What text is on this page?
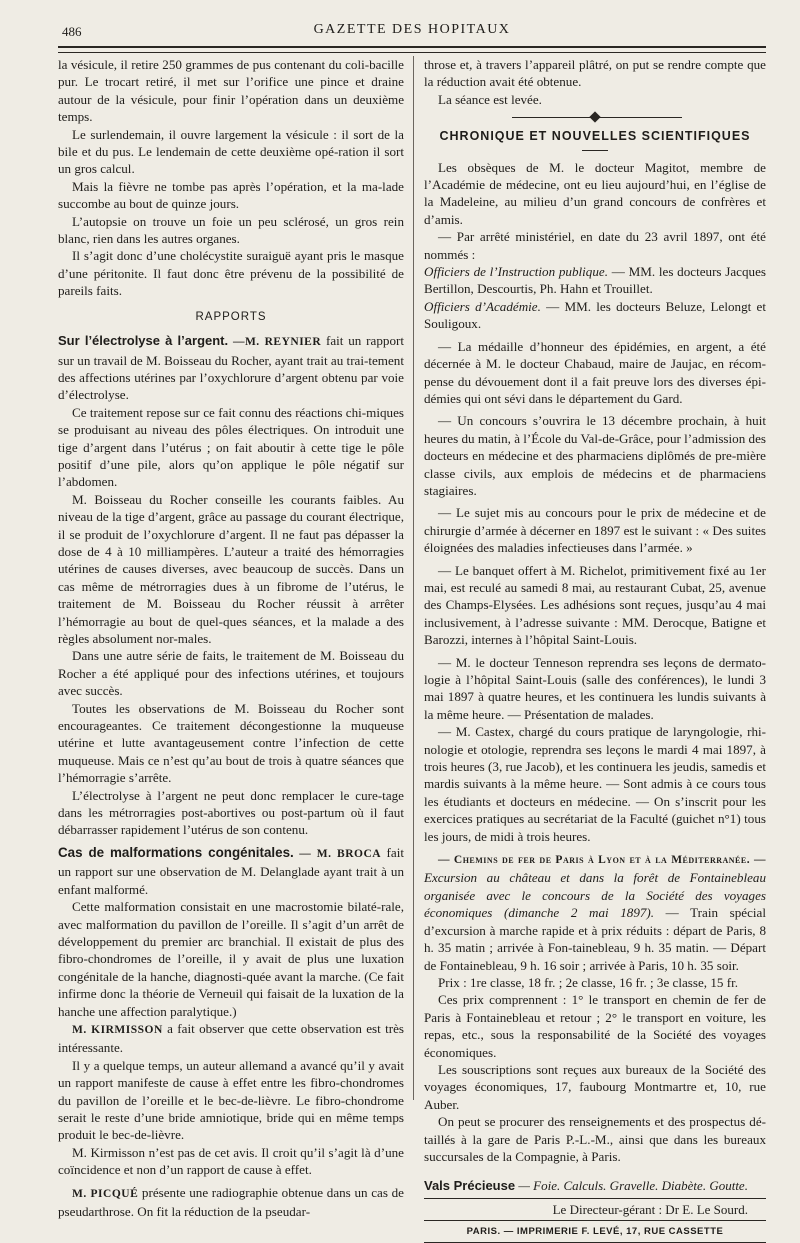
486	GAZETTE DES HOPITAUX

la vésicule, il retire 250 grammes de pus contenant du coli-bacille pur. Le trocart retiré, il met sur l’orifice une pince et draine autour de la vésicule, pour finir l’opération dans un deuxième temps.

Le surlendemain, il ouvre largement la vésicule : il sort de la bile et du pus. Le lendemain de cette deuxième opé-ration il sort un gros calcul.

Mais la fièvre ne tombe pas après l’opération, et la ma-lade succombe au bout de quinze jours.

L’autopsie on trouve un foie un peu sclérosé, un gros rein blanc, rien dans les autres organes.

Il s’agit donc d’une cholécystite suraiguë ayant pris le masque d’une péritonite. Il faut donc être prévenu de la possibilité de pareils faits.

RAPPORTS

Sur l’électrolyse à l’argent. —M. REYNIER fait un rapport sur un travail de M. Boisseau du Rocher, ayant trait au trai-tement des affections utérines par l’oxychlorure d’argent obtenu par voie d’électrolyse.

Ce traitement repose sur ce fait connu des réactions chi-miques se produisant au niveau des pôles électriques. On introduit une tige d’argent dans l’utérus ; on fait aboutir à cette tige le pôle positif d’une pile, alors qu’on applique le pôle négatif sur l’abdomen.

M. Boisseau du Rocher conseille les courants faibles. Au niveau de la tige d’argent, grâce au passage du courant électrique, il se produit de l’oxychlorure d’argent. Il ne faut pas dépasser la dose de 4 à 10 milliampères. L’auteur a traité des hémorragies utérines de causes diverses, avec beaucoup de succès. Dans un cas même de métrorragies dues à un fibrome de l’utérus, le traitement de M. Boisseau du Rocher réussit à arrêter l’hémorragie au bout de quel-ques séances, et la malade a des règles absolument nor-males.

Dans une autre série de faits, le traitement de M. Boisseau du Rocher a été appliqué pour des infections utérines, et toujours avec succès.

Toutes les observations de M. Boisseau du Rocher sont encourageantes. Ce traitement décongestionne la muqueuse utérine et lutte avantageusement contre l’infection de cette muqueuse. Mais ce n’est qu’au bout de trois à quatre séances que l’hémorragie s’arrête.

L’électrolyse à l’argent ne peut donc remplacer le cure-tage dans les métrorragies post-abortives ou post-partum où il faut débarrasser rapidement l’utérus de son contenu.

Cas de malformations congénitales. — M. BROCA fait un rapport sur une observation de M. Delanglade ayant trait à un enfant malformé.

Cette malformation consistait en une macrostomie bilaté-rale, avec malformation du pavillon de l’oreille. Il s’agit d’un arrêt de développement du premier arc branchial. Il existait de plus des fibro-chondromes de l’oreille, il y avait de plus une luxation congénitale de la hanche, diagnosti-quée avant la marche. (Ce fait infirme donc la théorie de Verneuil qui faisait de la luxation de la hanche une affection paralytique.)

M. KIRMISSON a fait observer que cette observation est très intéressante.

Il y a quelque temps, un auteur allemand a avancé qu’il y avait un rapport manifeste de cause à effet entre les fibro-chondromes du pavillon de l’oreille et le bec-de-lièvre. Le fibro-chondrome serait le reste d’une bride amniotique, bride qui en même temps produit le bec-de-lièvre.

M. Kirmisson n’est pas de cet avis. Il croit qu’il s’agit là d’une coïncidence et non d’un rapport de cause à effet.

M. PICQUÉ présente une radiographie obtenue dans un cas de pseudarthrose. On fit la réduction de la pseudar-

throse et, à travers l’appareil plâtré, on put se rendre compte que la réduction avait été obtenue.

La séance est levée.

CHRONIQUE ET NOUVELLES SCIENTIFIQUES

Les obsèques de M. le docteur Magitot, membre de l’Académie de médecine, ont eu lieu aujourd’hui, en l’église de la Madeleine, au milieu d’un grand concours de confrères et d’amis.

— Par arrêté ministériel, en date du 23 avril 1897, ont été nommés :

Officiers de l’Instruction publique. — MM. les docteurs Jacques Bertillon, Descourtis, Ph. Hahn et Trouillet.

Officiers d’Académie. — MM. les docteurs Beluze, Lelongt et Souligoux.

— La médaille d’honneur des épidémies, en argent, a été décernée à M. le docteur Chabaud, maire de Jaujac, en récom-pense du dévouement dont il a fait preuve lors des diverses épi-démies qui ont sévi dans le département du Gard.

— Un concours s’ouvrira le 13 décembre prochain, à huit heures du matin, à l’École du Val-de-Grâce, pour l’admission des docteurs en médecine et des pharmaciens diplômés de pre-mière classe civils, aux emplois de médecins et de pharmaciens stagiaires.

— Le sujet mis au concours pour le prix de médecine et de chirurgie d’armée à décerner en 1897 est le suivant : « Des suites éloignées des maladies infectieuses dans l’armée. »

— Le banquet offert à M. Richelot, primitivement fixé au 1er mai, est reculé au samedi 8 mai, au restaurant Cubat, 25, avenue des Champs-Elysées. Les adhésions sont reçues, jusqu’au 4 mai inclusivement, à l’adresse suivante : MM. Derocque, Batigne et Barozzi, internes à l’hôpital Saint-Louis.

— M. le docteur Tenneson reprendra ses leçons de dermato-logie à l’hôpital Saint-Louis (salle des conférences), le lundi 3 mai 1897 à quatre heures, et les continuera les lundis suivants à la même heure. — Présentation de malades.

— M. Castex, chargé du cours pratique de laryngologie, rhi-nologie et otologie, reprendra ses leçons le mardi 4 mai 1897, à trois heures (3, rue Jacob), et les continuera les jeudis, samedis et mardis suivants à la même heure. — Sont admis à ce cours tous les étudiants et docteurs en médecine. — On s’inscrit pour les exercices pratiques au secrétariat de la Faculté (guichet n°1) tous les jours, de midi à trois heures.

— Chemins de fer de Paris à Lyon et à la Méditerranée. — Excursion au château et dans la forêt de Fontainebleau organisée avec le concours de la Société des voyages économiques (dimanche 2 mai 1897). — Train spécial d’excursion à marche rapide et à prix réduits : départ de Paris, 8 h. 35 matin ; arrivée à Fon-tainebleau, 9 h. 35 matin. — Départ de Fontainebleau, 9 h. 16 soir ; arrivée à Paris, 10 h. 35 soir.

Prix : 1re classe, 18 fr. ; 2e classe, 16 fr. ; 3e classe, 15 fr.

Ces prix comprennent : 1° le transport en chemin de fer de Paris à Fontainebleau et retour ; 2° le transport en voiture, les repas, etc., sous la responsabilité de la Société des voyages économiques.

Les souscriptions sont reçues aux bureaux de la Société des voyages économiques, 17, faubourg Montmartre et, 10, rue Auber.

On peut se procurer des renseignements et des prospectus dé-taillés à la gare de Paris P.-L.-M., ainsi que dans les bureaux succursales de la Compagnie, à Paris.

Vals Précieuse — Foie. Calculs. Gravelle. Diabète. Goutte.
Le Directeur-gérant : Dr E. Le Sourd.
PARIS. — IMPRIMERIE F. LEVÉ, 17, RUE CASSETTE
